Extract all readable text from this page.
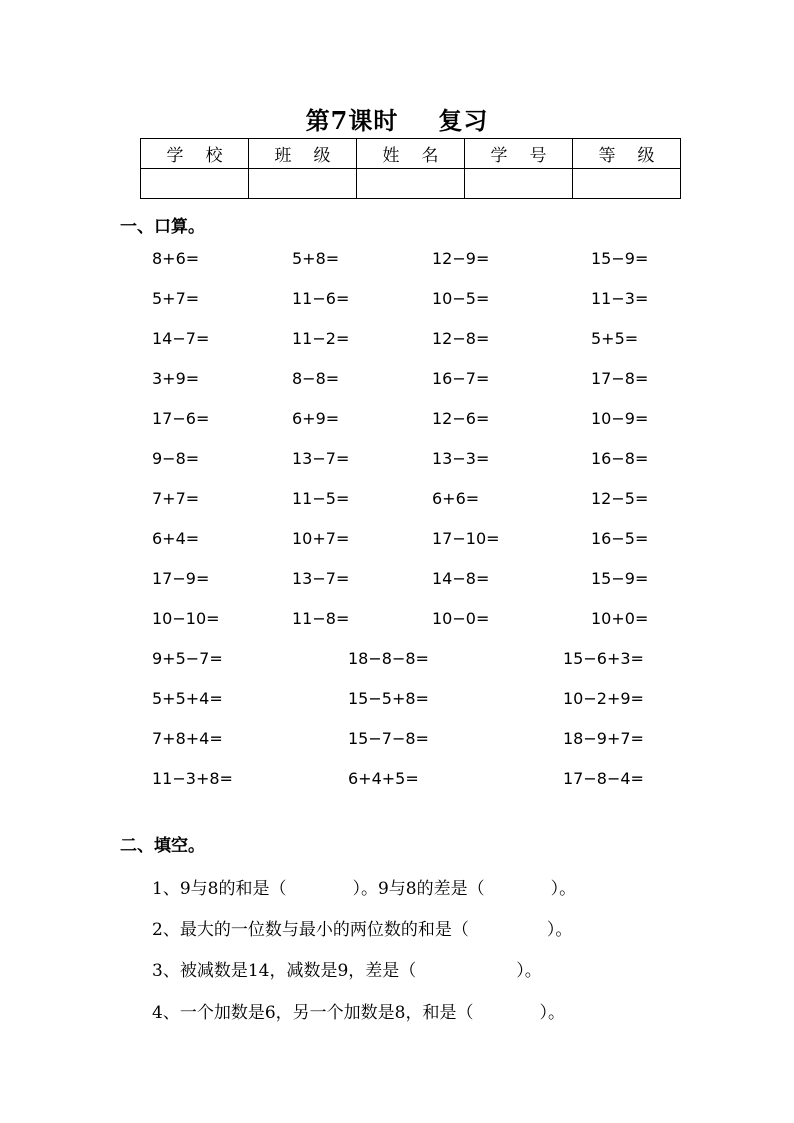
第7课时 复习
学校	班级	姓名	学号	等级

一、口算。
8+6=	5+8=	12−9=	15−9=
5+7=	11−6=	10−5=	11−3=
14−7=	11−2=	12−8=	5+5=
3+9=	8−8=	16−7=	17−8=
17−6=	6+9=	12−6=	10−9=
9−8=	13−7=	13−3=	16−8=
7+7=	11−5=	6+6=	12−5=
6+4=	10+7=	17−10=	16−5=
17−9=	13−7=	14−8=	15−9=
10−10=	11−8=	10−0=	10+0=
9+5−7=	18−8−8=	15−6+3=
5+5+4=	15−5+8=	10−2+9=
7+8+4=	15−7−8=	18−9+7=
11−3+8=	6+4+5=	17−8−4=
二、填空。
1、9与8的和是（	）。9与8的差是（	）。
2、最大的一位数与最小的两位数的和是（	）。
3、被减数是14，减数是9，差是（	）。
4、一个加数是6，另一个加数是8，和是（	）。
